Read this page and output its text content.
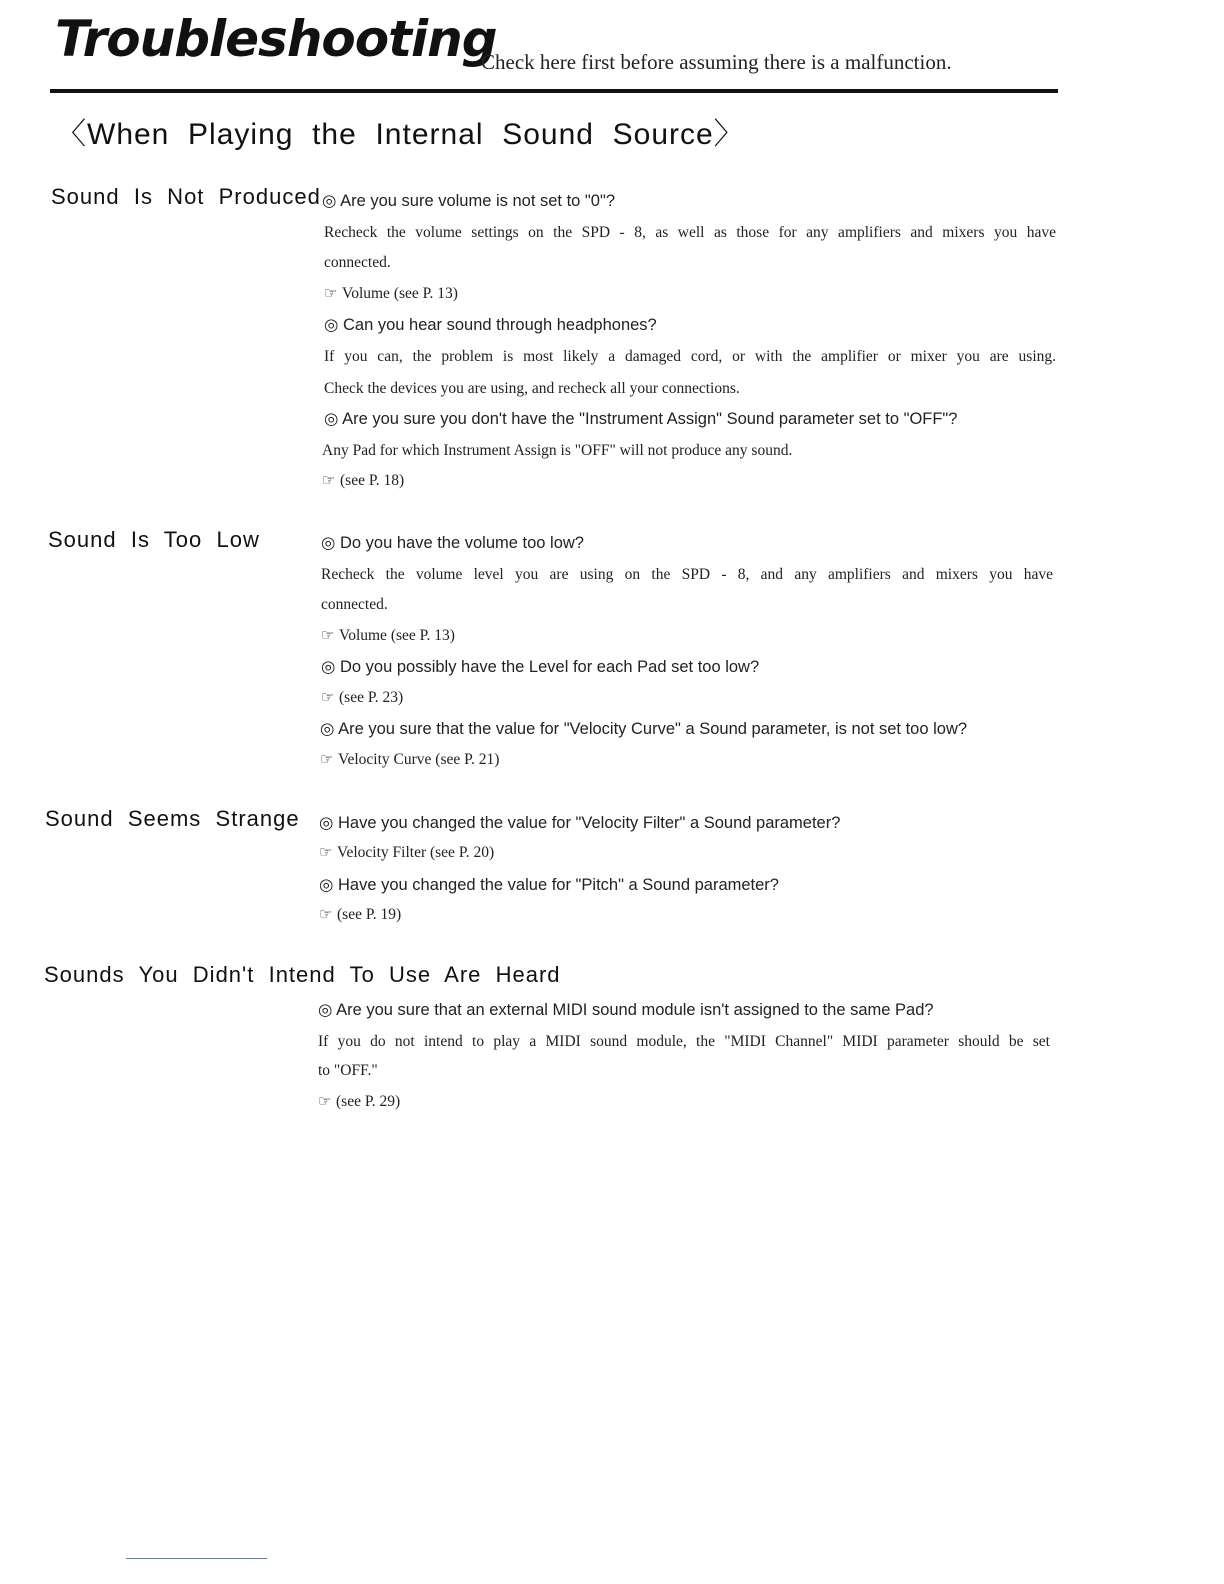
Troubleshooting
Check here first before assuming there is a malfunction.
〈When  Playing  the  Internal  Sound  Source〉
Sound  Is  Not  Produced ◎ Are you sure volume is not set to "0"?
Recheck the volume settings on the SPD - 8, as well as those for any amplifiers and mixers you have
connected.
☞ Volume (see P. 13)
◎ Can you hear sound through headphones?
If you can, the problem is most likely a damaged cord, or with the amplifier or mixer you are using.
Check the devices you are using, and recheck all your connections.
◎ Are you sure you don't have the "Instrument Assign" Sound parameter set to "OFF"?
Any Pad for which Instrument Assign is "OFF" will not produce any sound.
☞ (see P. 18)
Sound  Is  Too  Low	◎ Do you have the volume too low?
Recheck the volume level you are using on the SPD - 8, and any amplifiers and mixers you have
connected.
☞ Volume (see P. 13)
◎ Do you possibly have the Level for each Pad set too low?
☞ (see P. 23)
◎ Are you sure that the value for "Velocity Curve" a Sound parameter, is not set too low?
☞ Velocity Curve (see P. 21)
Sound  Seems  Strange ◎ Have you changed the value for "Velocity Filter" a Sound parameter?
☞ Velocity Filter (see P. 20)
◎ Have you changed the value for "Pitch" a Sound parameter?
☞ (see P. 19)
Sounds  You  Didn't  Intend  To  Use  Are  Heard
◎ Are you sure that an external MIDI sound module isn't assigned to the same Pad?
If you do not intend to play a MIDI sound module, the "MIDI Channel" MIDI parameter should be set
to "OFF."
☞ (see P. 29)
